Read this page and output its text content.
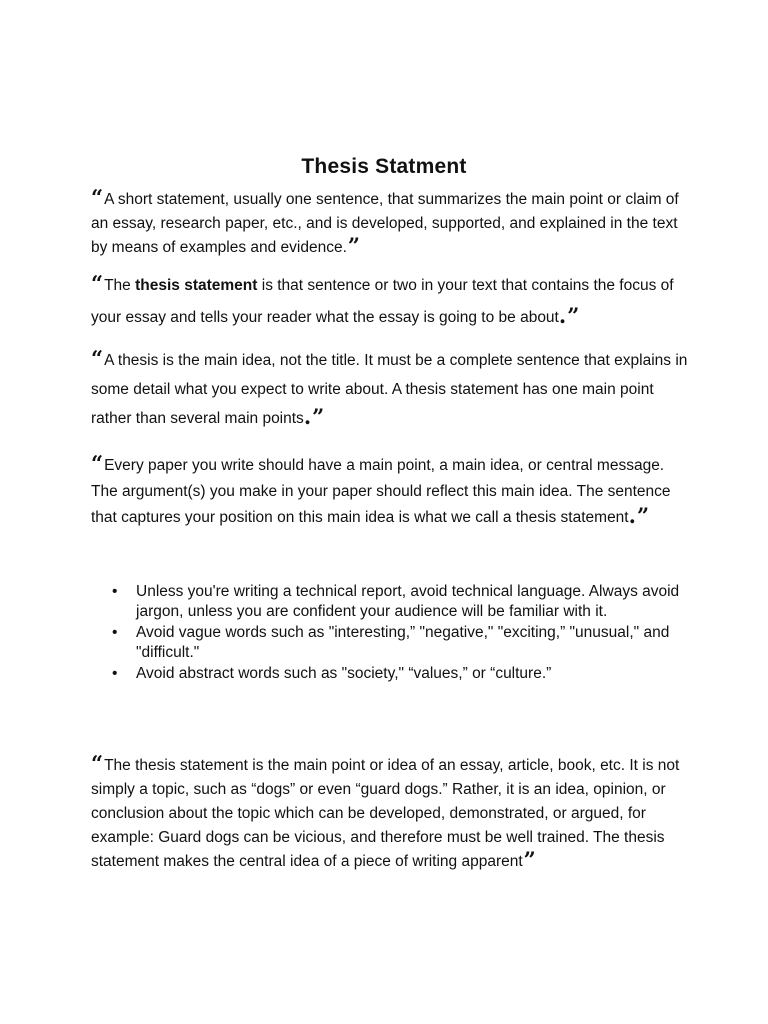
Thesis Statment
“A short statement, usually one sentence, that summarizes the main point or claim of an essay, research paper, etc., and is developed, supported, and explained in the text by means of examples and evidence.”
“The thesis statement is that sentence or two in your text that contains the focus of your essay and tells your reader what the essay is going to be about.”
“A thesis is the main idea, not the title. It must be a complete sentence that explains in some detail what you expect to write about. A thesis statement has one main point rather than several main points.”
“Every paper you write should have a main point, a main idea, or central message. The argument(s) you make in your paper should reflect this main idea. The sentence that captures your position on this main idea is what we call a thesis statement.”
• Unless you're writing a technical report, avoid technical language. Always avoid jargon, unless you are confident your audience will be familiar with it.
• Avoid vague words such as "interesting,” "negative," "exciting,” "unusual," and "difficult."
• Avoid abstract words such as "society," “values,” or “culture.”
“The thesis statement is the main point or idea of an essay, article, book, etc. It is not simply a topic, such as “dogs” or even “guard dogs.” Rather, it is an idea, opinion, or conclusion about the topic which can be developed, demonstrated, or argued, for example: Guard dogs can be vicious, and therefore must be well trained. The thesis statement makes the central idea of a piece of writing apparent”
